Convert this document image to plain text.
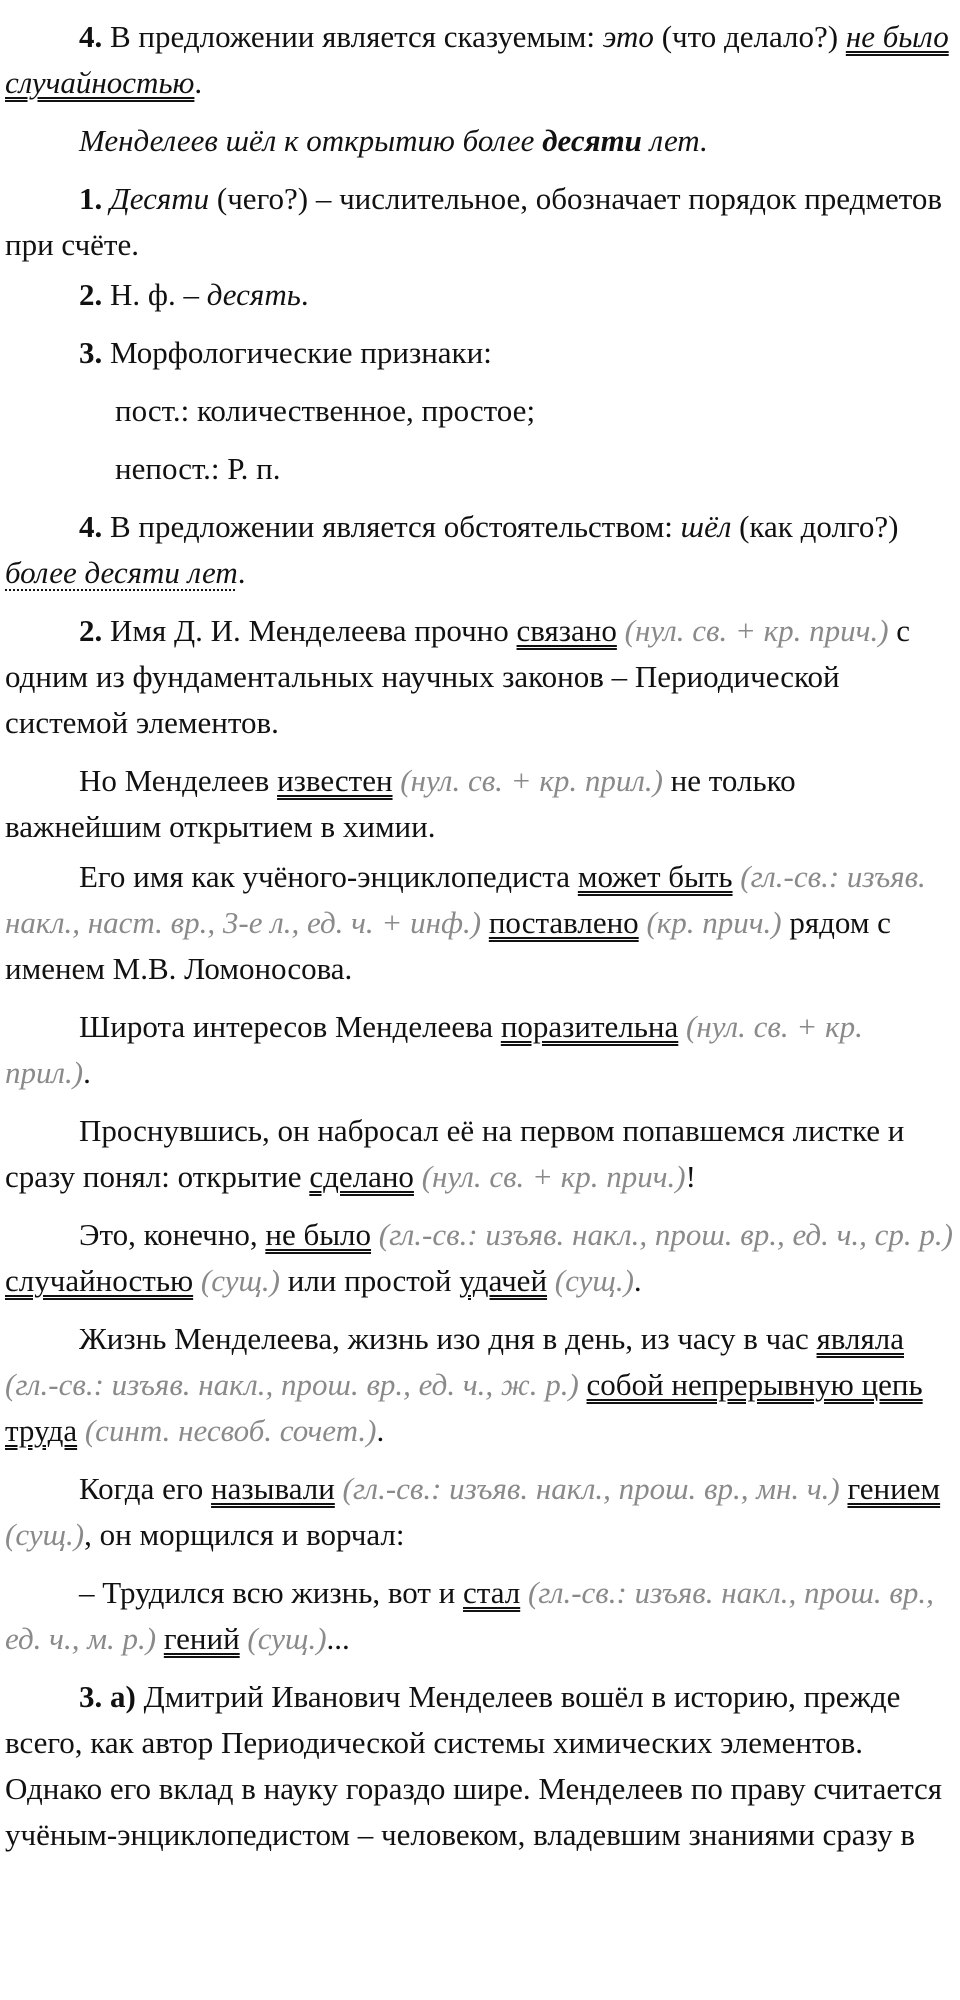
4. В предложении является сказуемым: это (что делало?) не было случайностью.

Менделеев шёл к открытию более десяти лет.

1. Десяти (чего?) – числительное, обозначает порядок предметов при счёте.

2. Н. ф. – десять.

3. Морфологические признаки:

пост.: количественное, простое;

непост.: Р. п.

4. В предложении является обстоятельством: шёл (как долго?) более десяти лет.

2. Имя Д. И. Менделеева прочно связано (нул. св. + кр. прич.) с одним из фундаментальных научных законов – Периодической системой элементов.

Но Менделеев известен (нул. св. + кр. прил.) не только важнейшим открытием в химии.

Его имя как учёного-энциклопедиста может быть (гл.-св.: изъяв. накл., наст. вр., 3-е л., ед. ч. + инф.) поставлено (кр. прич.) рядом с именем М.В. Ломоносова.

Широта интересов Менделеева поразительна (нул. св. + кр. прил.).

Проснувшись, он набросал её на первом попавшемся листке и сразу понял: открытие сделано (нул. св. + кр. прич.)!

Это, конечно, не было (гл.-св.: изъяв. накл., прош. вр., ед. ч., ср. р.) случайностью (сущ.) или простой удачей (сущ.).

Жизнь Менделеева, жизнь изо дня в день, из часу в час являла (гл.-св.: изъяв. накл., прош. вр., ед. ч., ж. р.) собой непрерывную цепь труда (синт. несвоб. сочет.).

Когда его называли (гл.-св.: изъяв. накл., прош. вр., мн. ч.) гением (сущ.), он морщился и ворчал:

– Трудился всю жизнь, вот и стал (гл.-св.: изъяв. накл., прош. вр., ед. ч., м. р.) гений (сущ.)...

3. а) Дмитрий Иванович Менделеев вошёл в историю, прежде всего, как автор Периодической системы химических элементов. Однако его вклад в науку гораздо шире. Менделеев по праву считается учёным-энциклопедистом – человеком, владевшим знаниями сразу в
